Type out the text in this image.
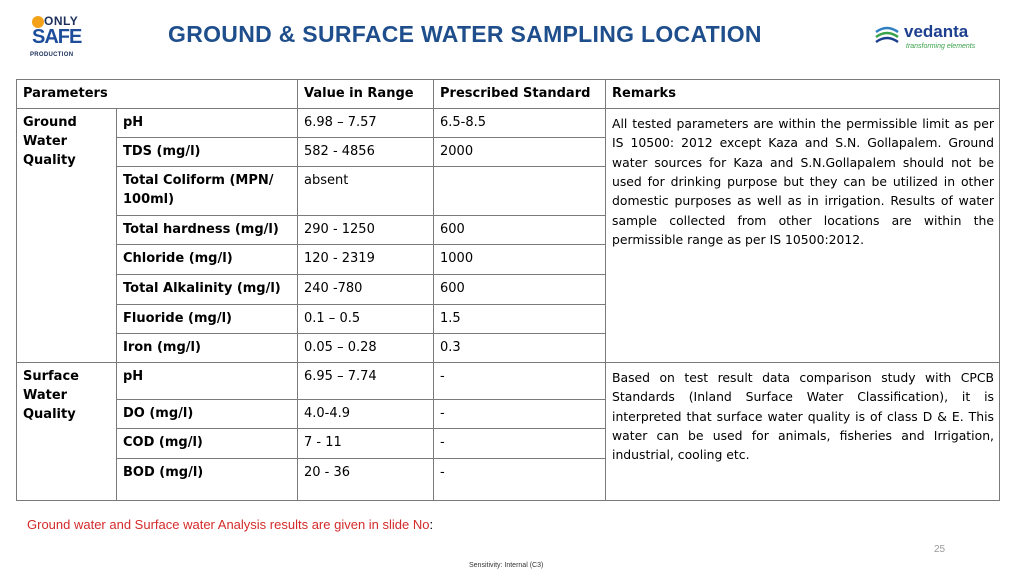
ONLY
SAFE
PRODUCTION
GROUND & SURFACE WATER SAMPLING LOCATION	vedanta
transforming elements
Parameters		Value in Range	Prescribed Standard	Remarks
Ground Water Quality	pH	6.98 – 7.57	6.5-8.5	All tested parameters are within the permissible limit as per IS 10500: 2012 except Kaza and S.N. Gollapalem. Ground water sources for Kaza and S.N.Gollapalem should not be used for drinking purpose but they can be utilized in other domestic purposes as well as in irrigation. Results of water sample collected from other locations are within the permissible range as per IS 10500:2012.
	TDS (mg/l)	582 - 4856	2000	
	Total Coliform (MPN/ 100ml)	absent		
	Total hardness (mg/l)	290 - 1250	600	
	Chloride (mg/l)	120 - 2319	1000	
	Total Alkalinity (mg/l)	240 -780	600	
	Fluoride (mg/l)	0.1 – 0.5	1.5	
	Iron (mg/l)	0.05 – 0.28	0.3	
Surface Water Quality	pH	6.95 – 7.74	-	Based on test result data comparison study with CPCB Standards (Inland Surface Water Classification), it is interpreted that surface water quality is of class D & E. This water can be used for animals, fisheries and Irrigation, industrial, cooling etc.
	DO (mg/l)	4.0-4.9	-	
	COD (mg/l)	7 - 11	-	
	BOD (mg/l)	20 - 36	-	
Ground water and Surface water Analysis results are given in slide No:
25
Sensitivity: Internal (C3)
